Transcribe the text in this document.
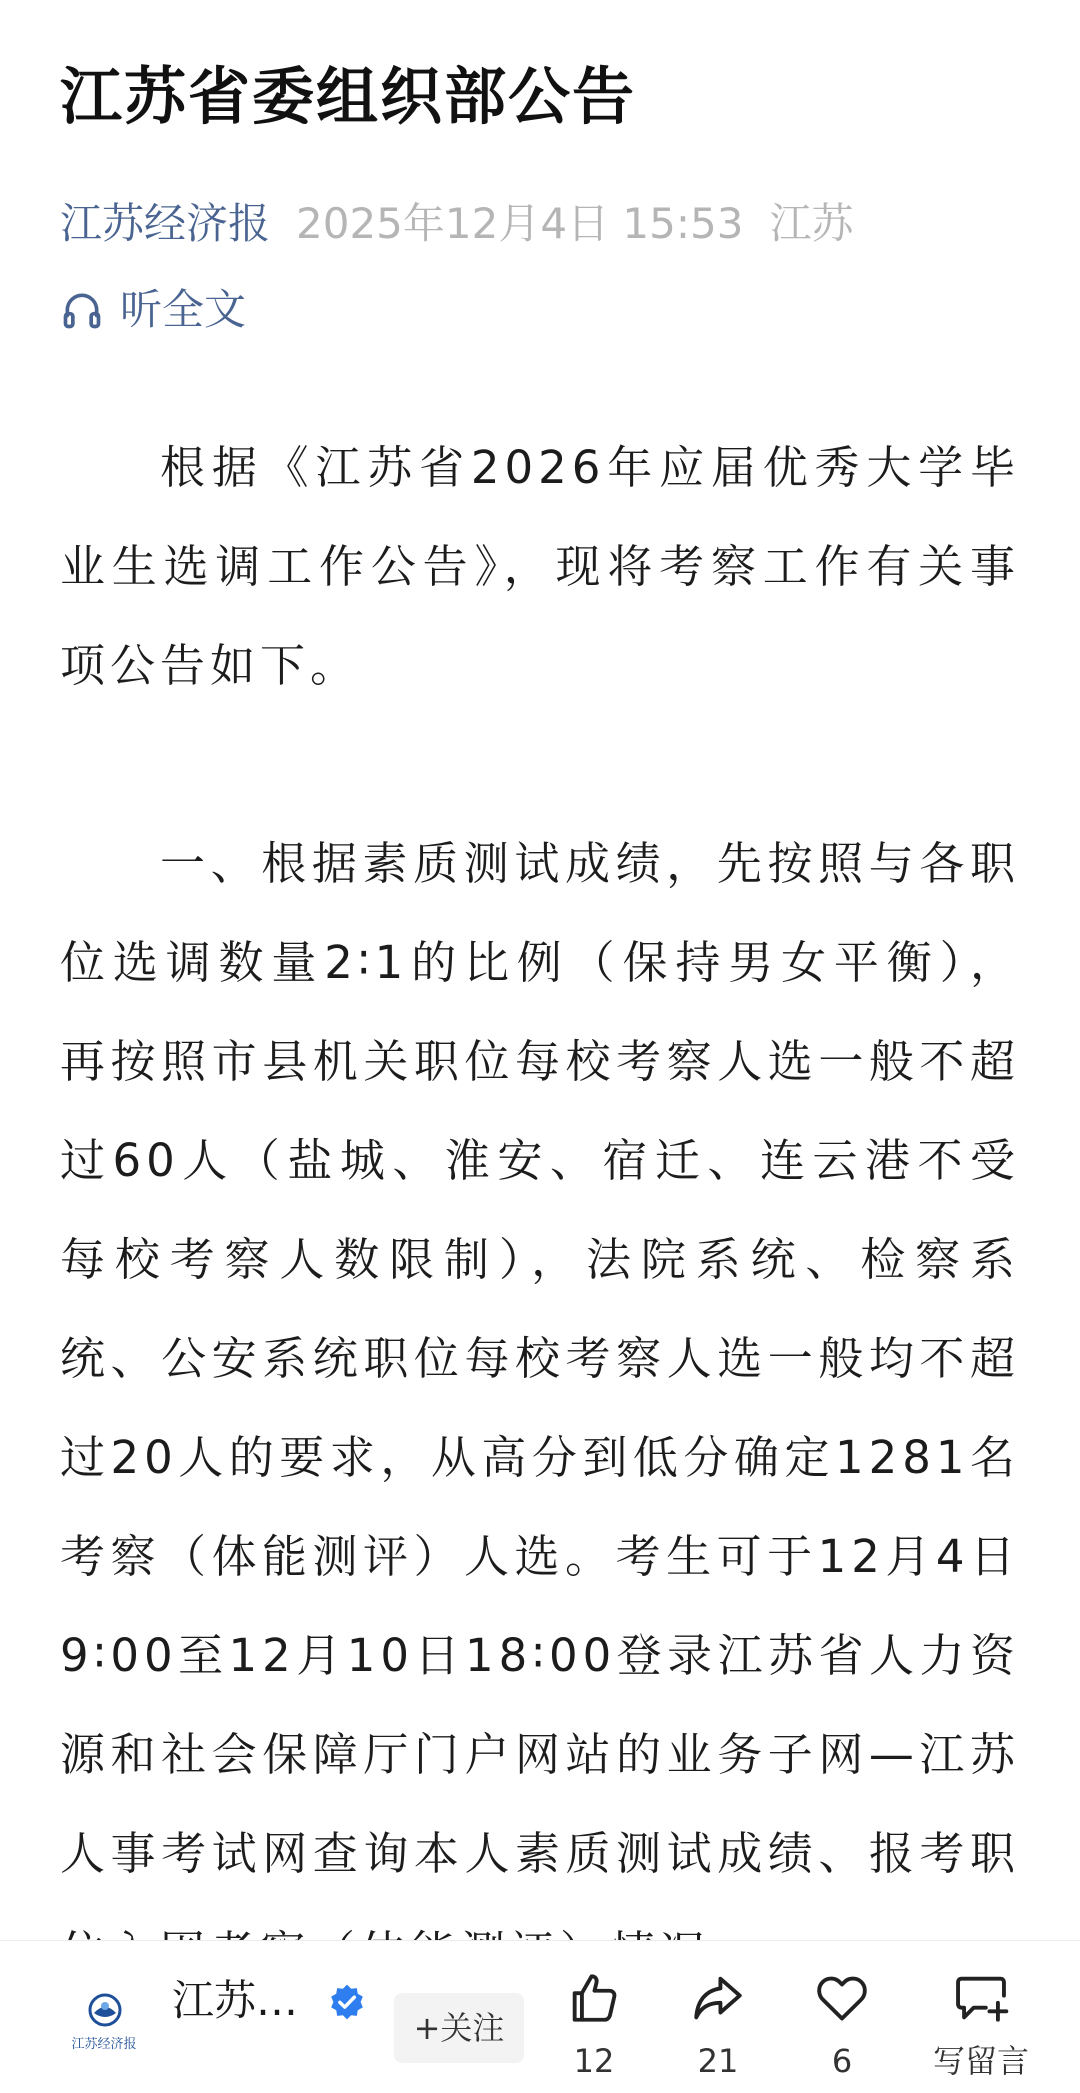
江苏省委组织部公告
江苏经济报 2025年12月4日 15:53 江苏
听全文

根据《江苏省2026年应届优秀大学毕业生选调工作公告》，现将考察工作有关事项公告如下。

一、根据素质测试成绩，先按照与各职位选调数量2∶1的比例（保持男女平衡），再按照市县机关职位每校考察人选一般不超过60人（盐城、淮安、宿迁、连云港不受每校考察人数限制），法院系统、检察系统、公安系统职位每校考察人选一般均不超过20人的要求，从高分到低分确定1281名考察（体能测评）人选。考生可于12月4日9∶00至12月10日18∶00登录江苏省人力资源和社会保障厅门户网站的业务子网—江苏人事考试网查询本人素质测试成绩、报考职

江苏经济报
江苏…
+关注
12	21	6	写留言
